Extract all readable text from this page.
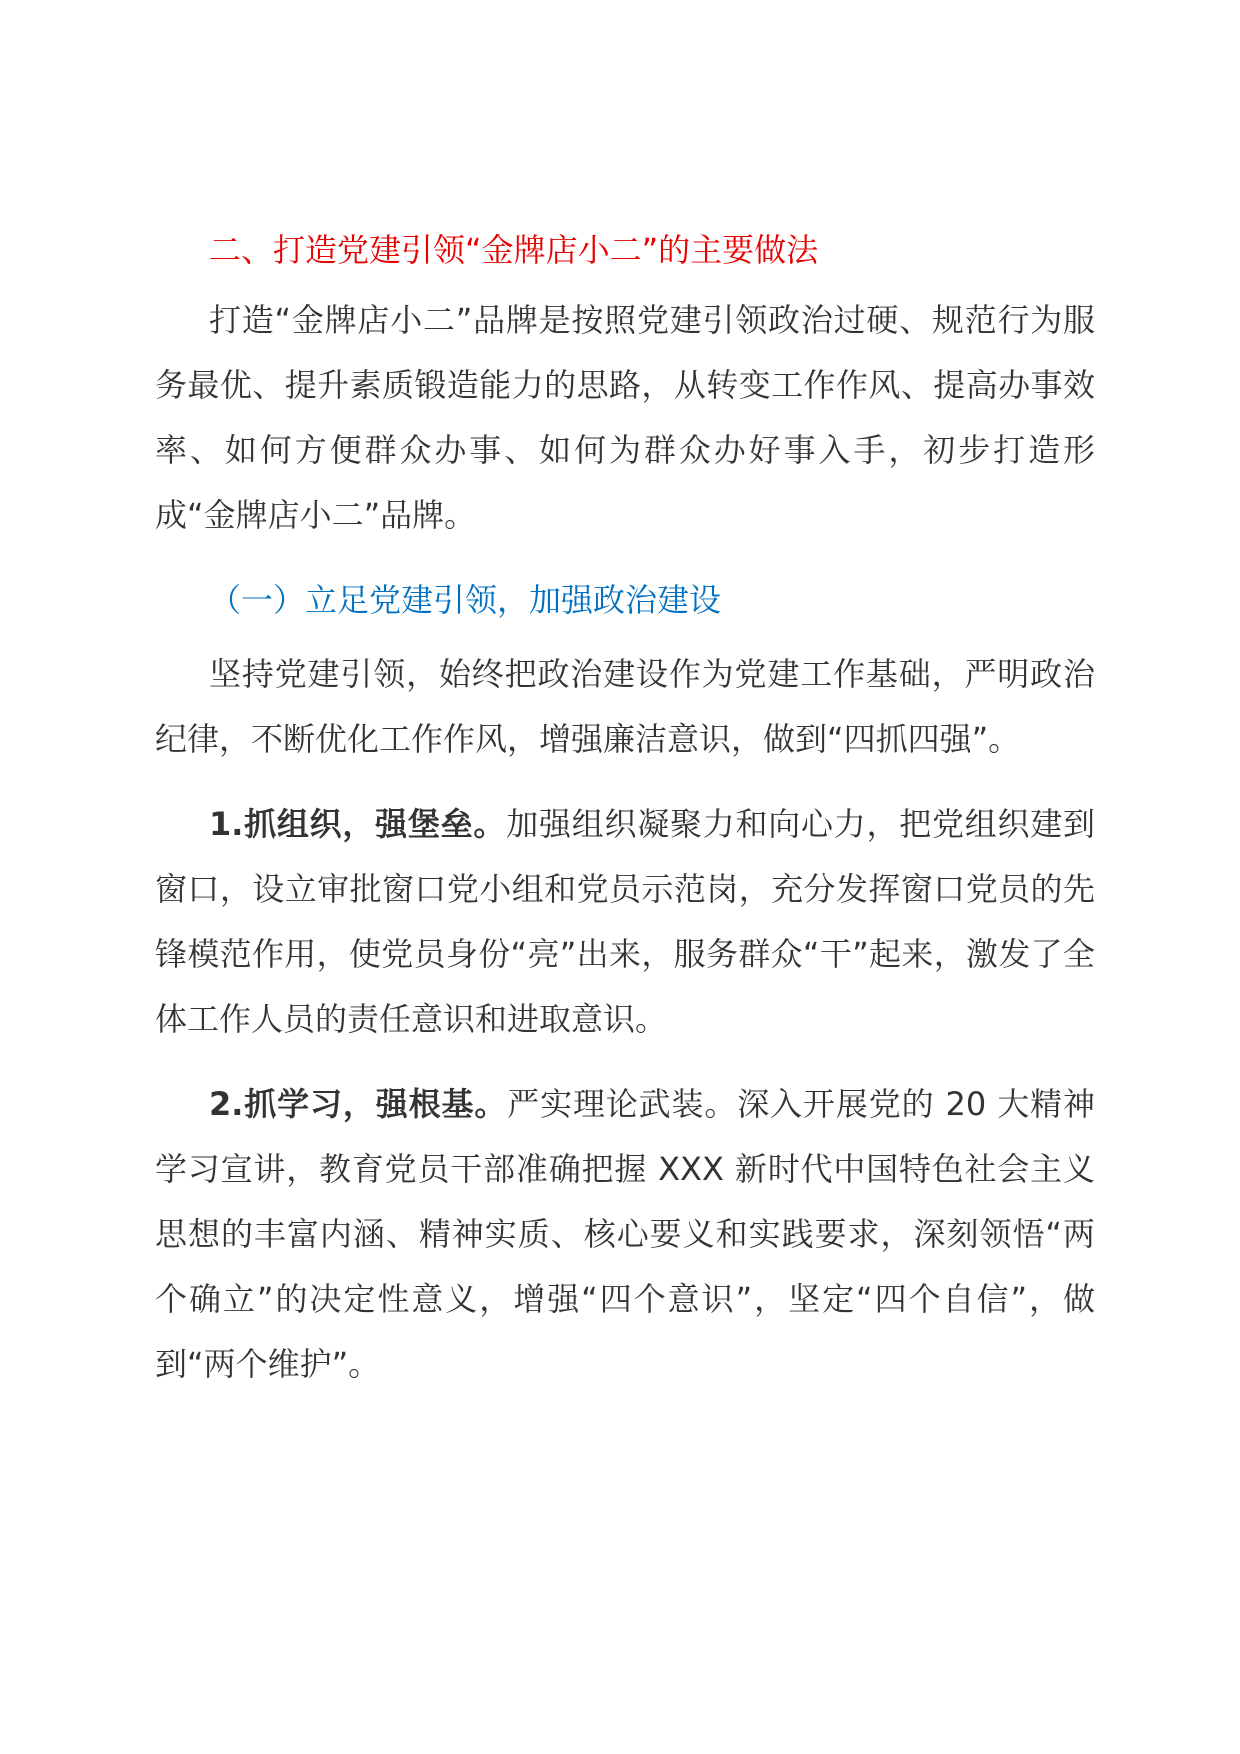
二、打造党建引领“金牌店小二”的主要做法

打造“金牌店小二”品牌是按照党建引领政治过硬、规范行为服务最优、提升素质锻造能力的思路，从转变工作作风、提高办事效率、如何方便群众办事、如何为群众办好事入手，初步打造形成“金牌店小二”品牌。

（一）立足党建引领，加强政治建设

坚持党建引领，始终把政治建设作为党建工作基础，严明政治纪律，不断优化工作作风，增强廉洁意识，做到“四抓四强”。

1.抓组织，强堡垒。加强组织凝聚力和向心力，把党组织建到窗口，设立审批窗口党小组和党员示范岗，充分发挥窗口党员的先锋模范作用，使党员身份“亮”出来，服务群众“干”起来，激发了全体工作人员的责任意识和进取意识。

2.抓学习，强根基。严实理论武装。深入开展党的 20 大精神学习宣讲，教育党员干部准确把握 XXX 新时代中国特色社会主义思想的丰富内涵、精神实质、核心要义和实践要求，深刻领悟“两个确立”的决定性意义，增强“四个意识”，坚定“四个自信”，做到“两个维护”。
